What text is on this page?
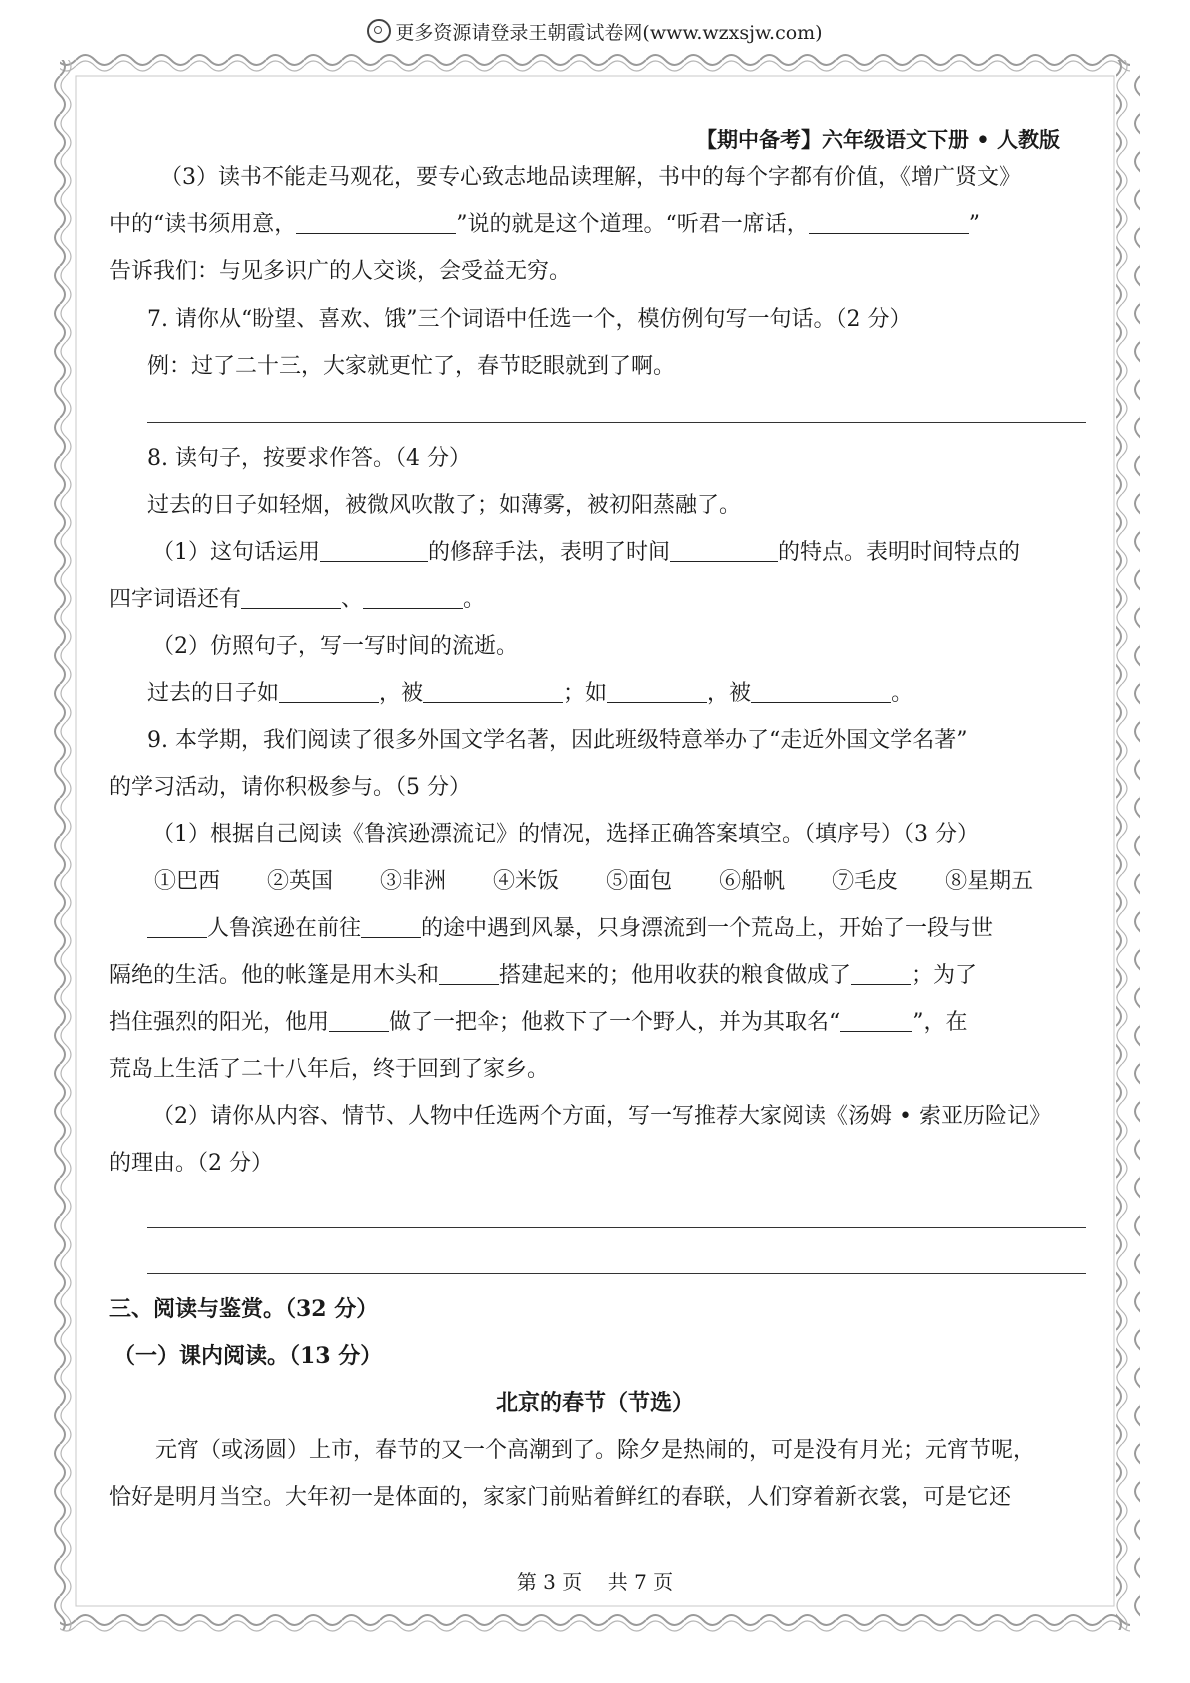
更多资源请登录王朝霞试卷网(www.wzxsjw.com)
【期中备考】六年级语文下册 • 人教版
（3）读书不能走马观花，要专心致志地品读理解，书中的每个字都有价值，《增广贤文》
中的“读书须用意，	”说的就是这个道理。“听君一席话，	”
告诉我们：与见多识广的人交谈，会受益无穷。
7. 请你从“盼望、喜欢、饿”三个词语中任选一个，模仿例句写一句话。（2 分）
例：过了二十三，大家就更忙了，春节眨眼就到了啊。
8. 读句子，按要求作答。（4 分）
过去的日子如轻烟，被微风吹散了；如薄雾，被初阳蒸融了。
（1）这句话运用	的修辞手法，表明了时间	的特点。表明时间特点的
四字词语还有	、	。
（2）仿照句子，写一写时间的流逝。
过去的日子如	，被	；如	，被	。
9. 本学期，我们阅读了很多外国文学名著，因此班级特意举办了“走近外国文学名著”
的学习活动，请你积极参与。（5 分）
（1）根据自己阅读《鲁滨逊漂流记》的情况，选择正确答案填空。（填序号）（3 分）
①巴西 ②英国 ③非洲 ④米饭 ⑤面包 ⑥船帆 ⑦毛皮 ⑧星期五
人鲁滨逊在前往	的途中遇到风暴，只身漂流到一个荒岛上，开始了一段与世
隔绝的生活。他的帐篷是用木头和	搭建起来的；他用收获的粮食做成了	；为了
挡住强烈的阳光，他用	做了一把伞；他救下了一个野人，并为其取名“	”，在
荒岛上生活了二十八年后，终于回到了家乡。
（2）请你从内容、情节、人物中任选两个方面，写一写推荐大家阅读《汤姆 • 索亚历险记》
的理由。（2 分）
三、阅读与鉴赏。（32 分）
（一）课内阅读。（13 分）
北京的春节（节选）
元宵（或汤圆）上市，春节的又一个高潮到了。除夕是热闹的，可是没有月光；元宵节呢，
恰好是明月当空。大年初一是体面的，家家门前贴着鲜红的春联，人们穿着新衣裳，可是它还
第 3 页 共 7 页
